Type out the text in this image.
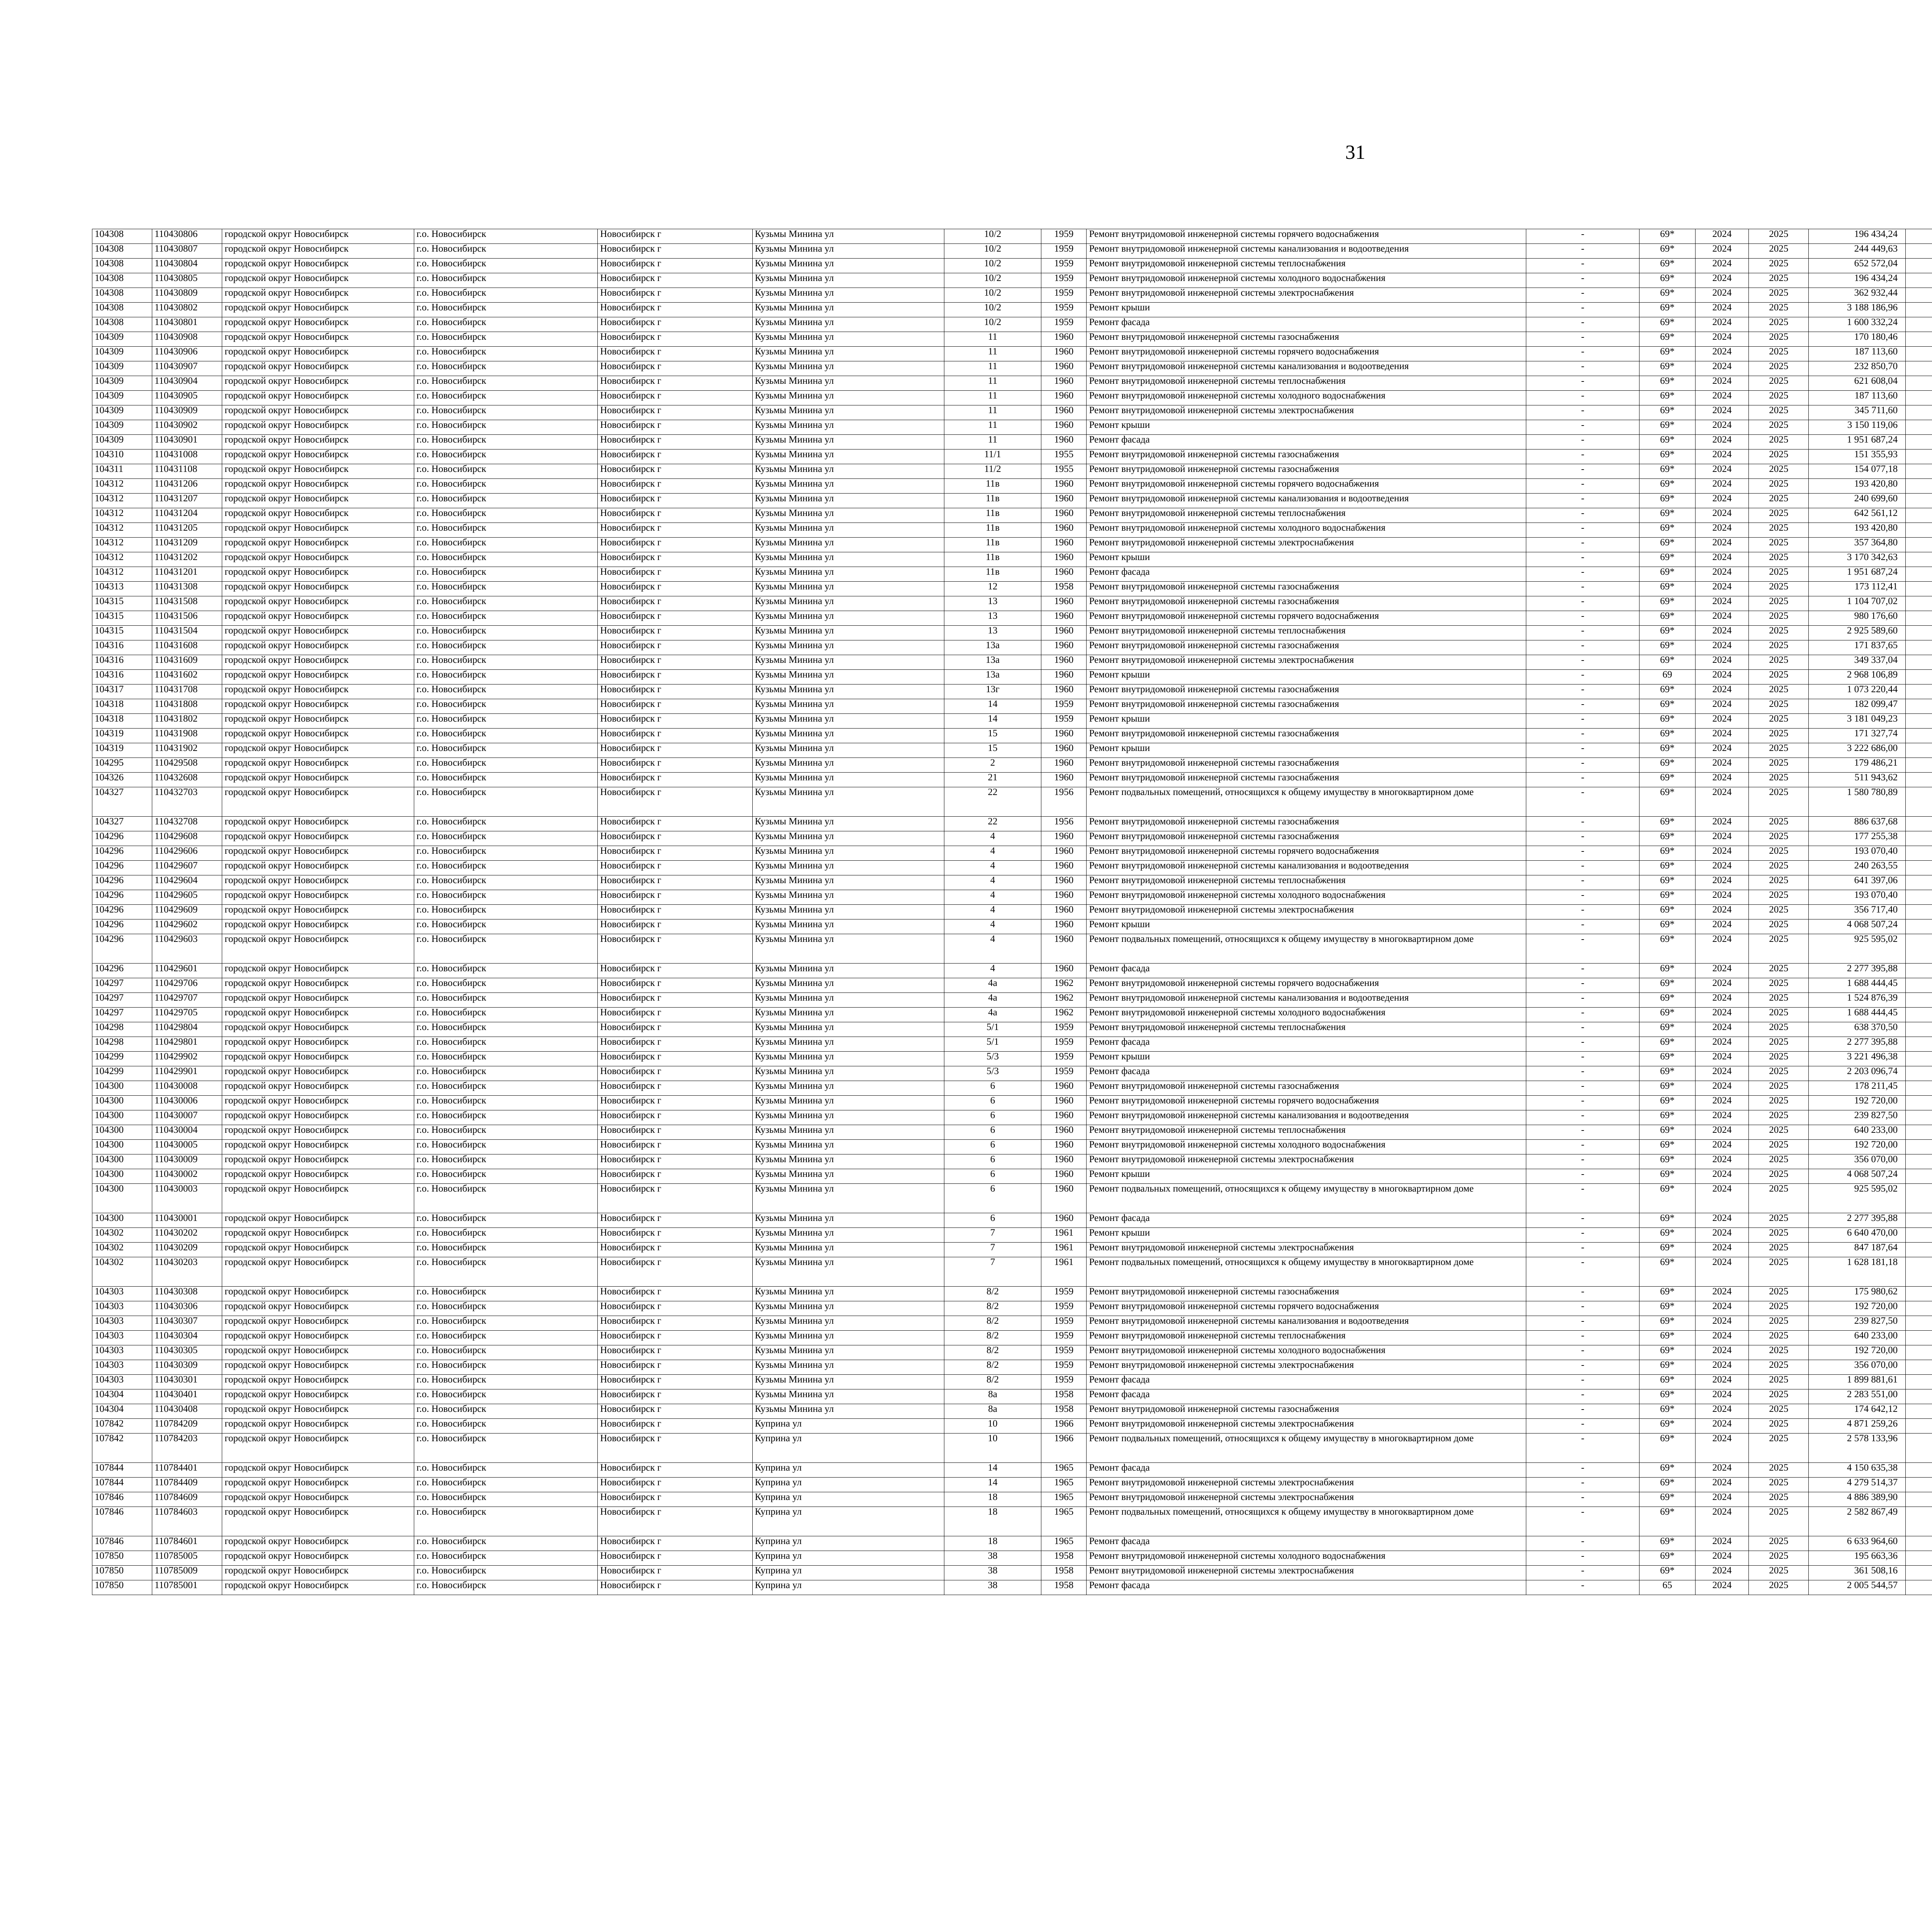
31
104308	110430806	городской округ Новосибирск	г.о. Новосибирск	Новосибирск г	Кузьмы Минина ул	10/2	1959	Ремонт внутридомовой инженерной системы горячего водоснабжения	-	69*	2024	2025	196 434,24						
104308	110430807	городской округ Новосибирск	г.о. Новосибирск	Новосибирск г	Кузьмы Минина ул	10/2	1959	Ремонт внутридомовой инженерной системы канализования и водоотведения	-	69*	2024	2025	244 449,63						
104308	110430804	городской округ Новосибирск	г.о. Новосибирск	Новосибирск г	Кузьмы Минина ул	10/2	1959	Ремонт внутридомовой инженерной системы теплоснабжения	-	69*	2024	2025	652 572,04						
104308	110430805	городской округ Новосибирск	г.о. Новосибирск	Новосибирск г	Кузьмы Минина ул	10/2	1959	Ремонт внутридомовой инженерной системы холодного водоснабжения	-	69*	2024	2025	196 434,24						
104308	110430809	городской округ Новосибирск	г.о. Новосибирск	Новосибирск г	Кузьмы Минина ул	10/2	1959	Ремонт внутридомовой инженерной системы электроснабжения	-	69*	2024	2025	362 932,44						
104308	110430802	городской округ Новосибирск	г.о. Новосибирск	Новосибирск г	Кузьмы Минина ул	10/2	1959	Ремонт крыши	-	69*	2024	2025	3 188 186,96						
104308	110430801	городской округ Новосибирск	г.о. Новосибирск	Новосибирск г	Кузьмы Минина ул	10/2	1959	Ремонт фасада	-	69*	2024	2025	1 600 332,24						
104309	110430908	городской округ Новосибирск	г.о. Новосибирск	Новосибирск г	Кузьмы Минина ул	11	1960	Ремонт внутридомовой инженерной системы газоснабжения	-	69*	2024	2025	170 180,46						
104309	110430906	городской округ Новосибирск	г.о. Новосибирск	Новосибирск г	Кузьмы Минина ул	11	1960	Ремонт внутридомовой инженерной системы горячего водоснабжения	-	69*	2024	2025	187 113,60						
104309	110430907	городской округ Новосибирск	г.о. Новосибирск	Новосибирск г	Кузьмы Минина ул	11	1960	Ремонт внутридомовой инженерной системы канализования и водоотведения	-	69*	2024	2025	232 850,70						
104309	110430904	городской округ Новосибирск	г.о. Новосибирск	Новосибирск г	Кузьмы Минина ул	11	1960	Ремонт внутридомовой инженерной системы теплоснабжения	-	69*	2024	2025	621 608,04						
104309	110430905	городской округ Новосибирск	г.о. Новосибирск	Новосибирск г	Кузьмы Минина ул	11	1960	Ремонт внутридомовой инженерной системы холодного водоснабжения	-	69*	2024	2025	187 113,60						
104309	110430909	городской округ Новосибирск	г.о. Новосибирск	Новосибирск г	Кузьмы Минина ул	11	1960	Ремонт внутридомовой инженерной системы электроснабжения	-	69*	2024	2025	345 711,60						
104309	110430902	городской округ Новосибирск	г.о. Новосибирск	Новосибирск г	Кузьмы Минина ул	11	1960	Ремонт крыши	-	69*	2024	2025	3 150 119,06						
104309	110430901	городской округ Новосибирск	г.о. Новосибирск	Новосибирск г	Кузьмы Минина ул	11	1960	Ремонт фасада	-	69*	2024	2025	1 951 687,24						
104310	110431008	городской округ Новосибирск	г.о. Новосибирск	Новосибирск г	Кузьмы Минина ул	11/1	1955	Ремонт внутридомовой инженерной системы газоснабжения	-	69*	2024	2025	151 355,93						
104311	110431108	городской округ Новосибирск	г.о. Новосибирск	Новосибирск г	Кузьмы Минина ул	11/2	1955	Ремонт внутридомовой инженерной системы газоснабжения	-	69*	2024	2025	154 077,18						
104312	110431206	городской округ Новосибирск	г.о. Новосибирск	Новосибирск г	Кузьмы Минина ул	11в	1960	Ремонт внутридомовой инженерной системы горячего водоснабжения	-	69*	2024	2025	193 420,80						
104312	110431207	городской округ Новосибирск	г.о. Новосибирск	Новосибирск г	Кузьмы Минина ул	11в	1960	Ремонт внутридомовой инженерной системы канализования и водоотведения	-	69*	2024	2025	240 699,60						
104312	110431204	городской округ Новосибирск	г.о. Новосибирск	Новосибирск г	Кузьмы Минина ул	11в	1960	Ремонт внутридомовой инженерной системы теплоснабжения	-	69*	2024	2025	642 561,12						
104312	110431205	городской округ Новосибирск	г.о. Новосибирск	Новосибирск г	Кузьмы Минина ул	11в	1960	Ремонт внутридомовой инженерной системы холодного водоснабжения	-	69*	2024	2025	193 420,80						
104312	110431209	городской округ Новосибирск	г.о. Новосибирск	Новосибирск г	Кузьмы Минина ул	11в	1960	Ремонт внутридомовой инженерной системы электроснабжения	-	69*	2024	2025	357 364,80						
104312	110431202	городской округ Новосибирск	г.о. Новосибирск	Новосибирск г	Кузьмы Минина ул	11в	1960	Ремонт крыши	-	69*	2024	2025	3 170 342,63						
104312	110431201	городской округ Новосибирск	г.о. Новосибирск	Новосибирск г	Кузьмы Минина ул	11в	1960	Ремонт фасада	-	69*	2024	2025	1 951 687,24						
104313	110431308	городской округ Новосибирск	г.о. Новосибирск	Новосибирск г	Кузьмы Минина ул	12	1958	Ремонт внутридомовой инженерной системы газоснабжения	-	69*	2024	2025	173 112,41						
104315	110431508	городской округ Новосибирск	г.о. Новосибирск	Новосибирск г	Кузьмы Минина ул	13	1960	Ремонт внутридомовой инженерной системы газоснабжения	-	69*	2024	2025	1 104 707,02						
104315	110431506	городской округ Новосибирск	г.о. Новосибирск	Новосибирск г	Кузьмы Минина ул	13	1960	Ремонт внутридомовой инженерной системы горячего водоснабжения	-	69*	2024	2025	980 176,60						
104315	110431504	городской округ Новосибирск	г.о. Новосибирск	Новосибирск г	Кузьмы Минина ул	13	1960	Ремонт внутридомовой инженерной системы теплоснабжения	-	69*	2024	2025	2 925 589,60						
104316	110431608	городской округ Новосибирск	г.о. Новосибирск	Новосибирск г	Кузьмы Минина ул	13а	1960	Ремонт внутридомовой инженерной системы газоснабжения	-	69*	2024	2025	171 837,65						
104316	110431609	городской округ Новосибирск	г.о. Новосибирск	Новосибирск г	Кузьмы Минина ул	13а	1960	Ремонт внутридомовой инженерной системы электроснабжения	-	69*	2024	2025	349 337,04						
104316	110431602	городской округ Новосибирск	г.о. Новосибирск	Новосибирск г	Кузьмы Минина ул	13а	1960	Ремонт крыши	-	69	2024	2025	2 968 106,89						
104317	110431708	городской округ Новосибирск	г.о. Новосибирск	Новосибирск г	Кузьмы Минина ул	13г	1960	Ремонт внутридомовой инженерной системы газоснабжения	-	69*	2024	2025	1 073 220,44						
104318	110431808	городской округ Новосибирск	г.о. Новосибирск	Новосибирск г	Кузьмы Минина ул	14	1959	Ремонт внутридомовой инженерной системы газоснабжения	-	69*	2024	2025	182 099,47						
104318	110431802	городской округ Новосибирск	г.о. Новосибирск	Новосибирск г	Кузьмы Минина ул	14	1959	Ремонт крыши	-	69*	2024	2025	3 181 049,23						
104319	110431908	городской округ Новосибирск	г.о. Новосибирск	Новосибирск г	Кузьмы Минина ул	15	1960	Ремонт внутридомовой инженерной системы газоснабжения	-	69*	2024	2025	171 327,74						
104319	110431902	городской округ Новосибирск	г.о. Новосибирск	Новосибирск г	Кузьмы Минина ул	15	1960	Ремонт крыши	-	69*	2024	2025	3 222 686,00						
104295	110429508	городской округ Новосибирск	г.о. Новосибирск	Новосибирск г	Кузьмы Минина ул	2	1960	Ремонт внутридомовой инженерной системы газоснабжения	-	69*	2024	2025	179 486,21						
104326	110432608	городской округ Новосибирск	г.о. Новосибирск	Новосибирск г	Кузьмы Минина ул	21	1960	Ремонт внутридомовой инженерной системы газоснабжения	-	69*	2024	2025	511 943,62						
104327	110432703	городской округ Новосибирск	г.о. Новосибирск	Новосибирск г	Кузьмы Минина ул	22	1956	Ремонт подвальных помещений, относящихся к общему имуществу в многоквартирном доме	-	69*	2024	2025	1 580 780,89						
104327	110432708	городской округ Новосибирск	г.о. Новосибирск	Новосибирск г	Кузьмы Минина ул	22	1956	Ремонт внутридомовой инженерной системы газоснабжения	-	69*	2024	2025	886 637,68						
104296	110429608	городской округ Новосибирск	г.о. Новосибирск	Новосибирск г	Кузьмы Минина ул	4	1960	Ремонт внутридомовой инженерной системы газоснабжения	-	69*	2024	2025	177 255,38						
104296	110429606	городской округ Новосибирск	г.о. Новосибирск	Новосибирск г	Кузьмы Минина ул	4	1960	Ремонт внутридомовой инженерной системы горячего водоснабжения	-	69*	2024	2025	193 070,40						
104296	110429607	городской округ Новосибирск	г.о. Новосибирск	Новосибирск г	Кузьмы Минина ул	4	1960	Ремонт внутридомовой инженерной системы канализования и водоотведения	-	69*	2024	2025	240 263,55						
104296	110429604	городской округ Новосибирск	г.о. Новосибирск	Новосибирск г	Кузьмы Минина ул	4	1960	Ремонт внутридомовой инженерной системы теплоснабжения	-	69*	2024	2025	641 397,06						
104296	110429605	городской округ Новосибирск	г.о. Новосибирск	Новосибирск г	Кузьмы Минина ул	4	1960	Ремонт внутридомовой инженерной системы холодного водоснабжения	-	69*	2024	2025	193 070,40						
104296	110429609	городской округ Новосибирск	г.о. Новосибирск	Новосибирск г	Кузьмы Минина ул	4	1960	Ремонт внутридомовой инженерной системы электроснабжения	-	69*	2024	2025	356 717,40						
104296	110429602	городской округ Новосибирск	г.о. Новосибирск	Новосибирск г	Кузьмы Минина ул	4	1960	Ремонт крыши	-	69*	2024	2025	4 068 507,24						
104296	110429603	городской округ Новосибирск	г.о. Новосибирск	Новосибирск г	Кузьмы Минина ул	4	1960	Ремонт подвальных помещений, относящихся к общему имуществу в многоквартирном доме	-	69*	2024	2025	925 595,02						
104296	110429601	городской округ Новосибирск	г.о. Новосибирск	Новосибирск г	Кузьмы Минина ул	4	1960	Ремонт фасада	-	69*	2024	2025	2 277 395,88						
104297	110429706	городской округ Новосибирск	г.о. Новосибирск	Новосибирск г	Кузьмы Минина ул	4а	1962	Ремонт внутридомовой инженерной системы горячего водоснабжения	-	69*	2024	2025	1 688 444,45						
104297	110429707	городской округ Новосибирск	г.о. Новосибирск	Новосибирск г	Кузьмы Минина ул	4а	1962	Ремонт внутридомовой инженерной системы канализования и водоотведения	-	69*	2024	2025	1 524 876,39						
104297	110429705	городской округ Новосибирск	г.о. Новосибирск	Новосибирск г	Кузьмы Минина ул	4а	1962	Ремонт внутридомовой инженерной системы холодного водоснабжения	-	69*	2024	2025	1 688 444,45						
104298	110429804	городской округ Новосибирск	г.о. Новосибирск	Новосибирск г	Кузьмы Минина ул	5/1	1959	Ремонт внутридомовой инженерной системы теплоснабжения	-	69*	2024	2025	638 370,50						
104298	110429801	городской округ Новосибирск	г.о. Новосибирск	Новосибирск г	Кузьмы Минина ул	5/1	1959	Ремонт фасада	-	69*	2024	2025	2 277 395,88						
104299	110429902	городской округ Новосибирск	г.о. Новосибирск	Новосибирск г	Кузьмы Минина ул	5/3	1959	Ремонт крыши	-	69*	2024	2025	3 221 496,38						
104299	110429901	городской округ Новосибирск	г.о. Новосибирск	Новосибирск г	Кузьмы Минина ул	5/3	1959	Ремонт фасада	-	69*	2024	2025	2 203 096,74						
104300	110430008	городской округ Новосибирск	г.о. Новосибирск	Новосибирск г	Кузьмы Минина ул	6	1960	Ремонт внутридомовой инженерной системы газоснабжения	-	69*	2024	2025	178 211,45						
104300	110430006	городской округ Новосибирск	г.о. Новосибирск	Новосибирск г	Кузьмы Минина ул	6	1960	Ремонт внутридомовой инженерной системы горячего водоснабжения	-	69*	2024	2025	192 720,00						
104300	110430007	городской округ Новосибирск	г.о. Новосибирск	Новосибирск г	Кузьмы Минина ул	6	1960	Ремонт внутридомовой инженерной системы канализования и водоотведения	-	69*	2024	2025	239 827,50						
104300	110430004	городской округ Новосибирск	г.о. Новосибирск	Новосибирск г	Кузьмы Минина ул	6	1960	Ремонт внутридомовой инженерной системы теплоснабжения	-	69*	2024	2025	640 233,00						
104300	110430005	городской округ Новосибирск	г.о. Новосибирск	Новосибирск г	Кузьмы Минина ул	6	1960	Ремонт внутридомовой инженерной системы холодного водоснабжения	-	69*	2024	2025	192 720,00						
104300	110430009	городской округ Новосибирск	г.о. Новосибирск	Новосибирск г	Кузьмы Минина ул	6	1960	Ремонт внутридомовой инженерной системы электроснабжения	-	69*	2024	2025	356 070,00						
104300	110430002	городской округ Новосибирск	г.о. Новосибирск	Новосибирск г	Кузьмы Минина ул	6	1960	Ремонт крыши	-	69*	2024	2025	4 068 507,24						
104300	110430003	городской округ Новосибирск	г.о. Новосибирск	Новосибирск г	Кузьмы Минина ул	6	1960	Ремонт подвальных помещений, относящихся к общему имуществу в многоквартирном доме	-	69*	2024	2025	925 595,02						
104300	110430001	городской округ Новосибирск	г.о. Новосибирск	Новосибирск г	Кузьмы Минина ул	6	1960	Ремонт фасада	-	69*	2024	2025	2 277 395,88						
104302	110430202	городской округ Новосибирск	г.о. Новосибирск	Новосибирск г	Кузьмы Минина ул	7	1961	Ремонт крыши	-	69*	2024	2025	6 640 470,00						
104302	110430209	городской округ Новосибирск	г.о. Новосибирск	Новосибирск г	Кузьмы Минина ул	7	1961	Ремонт внутридомовой инженерной системы электроснабжения	-	69*	2024	2025	847 187,64						
104302	110430203	городской округ Новосибирск	г.о. Новосибирск	Новосибирск г	Кузьмы Минина ул	7	1961	Ремонт подвальных помещений, относящихся к общему имуществу в многоквартирном доме	-	69*	2024	2025	1 628 181,18						
104303	110430308	городской округ Новосибирск	г.о. Новосибирск	Новосибирск г	Кузьмы Минина ул	8/2	1959	Ремонт внутридомовой инженерной системы газоснабжения	-	69*	2024	2025	175 980,62						
104303	110430306	городской округ Новосибирск	г.о. Новосибирск	Новосибирск г	Кузьмы Минина ул	8/2	1959	Ремонт внутридомовой инженерной системы горячего водоснабжения	-	69*	2024	2025	192 720,00						
104303	110430307	городской округ Новосибирск	г.о. Новосибирск	Новосибирск г	Кузьмы Минина ул	8/2	1959	Ремонт внутридомовой инженерной системы канализования и водоотведения	-	69*	2024	2025	239 827,50						
104303	110430304	городской округ Новосибирск	г.о. Новосибирск	Новосибирск г	Кузьмы Минина ул	8/2	1959	Ремонт внутридомовой инженерной системы теплоснабжения	-	69*	2024	2025	640 233,00						
104303	110430305	городской округ Новосибирск	г.о. Новосибирск	Новосибирск г	Кузьмы Минина ул	8/2	1959	Ремонт внутридомовой инженерной системы холодного водоснабжения	-	69*	2024	2025	192 720,00						
104303	110430309	городской округ Новосибирск	г.о. Новосибирск	Новосибирск г	Кузьмы Минина ул	8/2	1959	Ремонт внутридомовой инженерной системы электроснабжения	-	69*	2024	2025	356 070,00						
104303	110430301	городской округ Новосибирск	г.о. Новосибирск	Новосибирск г	Кузьмы Минина ул	8/2	1959	Ремонт фасада	-	69*	2024	2025	1 899 881,61						
104304	110430401	городской округ Новосибирск	г.о. Новосибирск	Новосибирск г	Кузьмы Минина ул	8а	1958	Ремонт фасада	-	69*	2024	2025	2 283 551,00						
104304	110430408	городской округ Новосибирск	г.о. Новосибирск	Новосибирск г	Кузьмы Минина ул	8а	1958	Ремонт внутридомовой инженерной системы газоснабжения	-	69*	2024	2025	174 642,12						
107842	110784209	городской округ Новосибирск	г.о. Новосибирск	Новосибирск г	Куприна ул	10	1966	Ремонт внутридомовой инженерной системы электроснабжения	-	69*	2024	2025	4 871 259,26						
107842	110784203	городской округ Новосибирск	г.о. Новосибирск	Новосибирск г	Куприна ул	10	1966	Ремонт подвальных помещений, относящихся к общему имуществу в многоквартирном доме	-	69*	2024	2025	2 578 133,96						
107844	110784401	городской округ Новосибирск	г.о. Новосибирск	Новосибирск г	Куприна ул	14	1965	Ремонт фасада	-	69*	2024	2025	4 150 635,38						
107844	110784409	городской округ Новосибирск	г.о. Новосибирск	Новосибирск г	Куприна ул	14	1965	Ремонт внутридомовой инженерной системы электроснабжения	-	69*	2024	2025	4 279 514,37						
107846	110784609	городской округ Новосибирск	г.о. Новосибирск	Новосибирск г	Куприна ул	18	1965	Ремонт внутридомовой инженерной системы электроснабжения	-	69*	2024	2025	4 886 389,90						
107846	110784603	городской округ Новосибирск	г.о. Новосибирск	Новосибирск г	Куприна ул	18	1965	Ремонт подвальных помещений, относящихся к общему имуществу в многоквартирном доме	-	69*	2024	2025	2 582 867,49						
107846	110784601	городской округ Новосибирск	г.о. Новосибирск	Новосибирск г	Куприна ул	18	1965	Ремонт фасада	-	69*	2024	2025	6 633 964,60						
107850	110785005	городской округ Новосибирск	г.о. Новосибирск	Новосибирск г	Куприна ул	38	1958	Ремонт внутридомовой инженерной системы холодного водоснабжения	-	69*	2024	2025	195 663,36						
107850	110785009	городской округ Новосибирск	г.о. Новосибирск	Новосибирск г	Куприна ул	38	1958	Ремонт внутридомовой инженерной системы электроснабжения	-	69*	2024	2025	361 508,16						
107850	110785001	городской округ Новосибирск	г.о. Новосибирск	Новосибирск г	Куприна ул	38	1958	Ремонт фасада	-	65	2024	2025	2 005 544,57						
